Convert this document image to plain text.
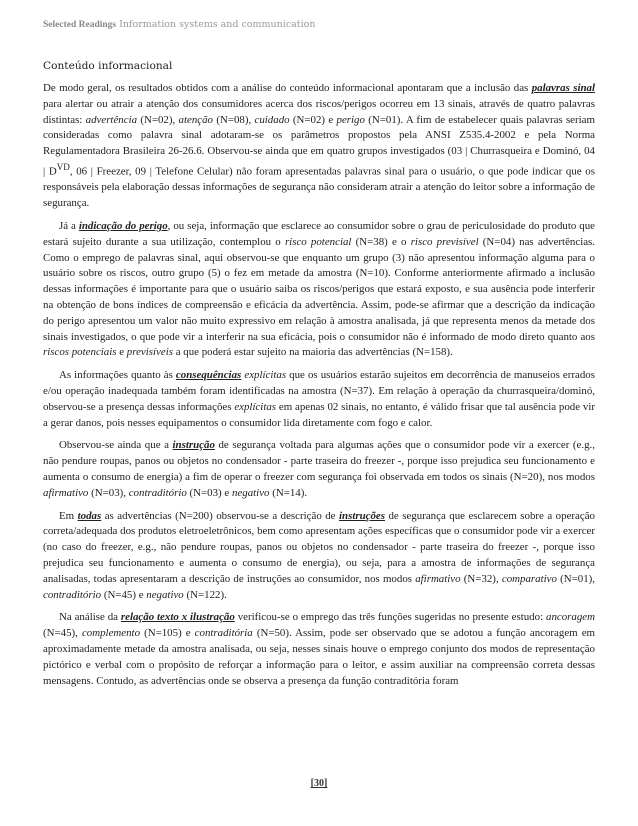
Selected Readings Information systems and communication
Conteúdo informacional

De modo geral, os resultados obtidos com a análise do conteúdo informacional apontaram que a inclusão das palavras sinal para alertar ou atrair a atenção dos consumidores acerca dos riscos/perigos ocorreu em 13 sinais, através de quatro palavras distintas: advertência (N=02), atenção (N=08), cuidado (N=02) e perigo (N=01). A fim de estabelecer quais palavras seriam consideradas como palavra sinal adotaram-se os parâmetros propostos pela ANSI Z535.4-2002 e pela Norma Regulamentadora Brasileira 26-26.6. Observou-se ainda que em quatro grupos investigados (03 | Churrasqueira e Dominó, 04 | $D^{VD}$, 06 | Freezer, 09 | Telefone Celular) não foram apresentadas palavras sinal para o usuário, o que pode indicar que os responsáveis pela elaboração dessas informações de segurança não consideram atrair a atenção do leitor sobre a informação de segurança.

Já a indicação do perigo, ou seja, informação que esclarece ao consumidor sobre o grau de periculosidade do produto que estará sujeito durante a sua utilização, contemplou o risco potencial (N=38) e o risco previsível (N=04) nas advertências. Como o emprego de palavras sinal, aqui observou-se que enquanto um grupo (3) não apresentou informação alguma para o usuário sobre os riscos, outro grupo (5) o fez em metade da amostra (N=10). Conforme anteriormente afirmado a inclusão dessas informações é importante para que o usuário saiba os riscos/perigos que estará exposto, e sua ausência pode interferir na obtenção de bons índices de compreensão e eficácia da advertência. Assim, pode-se afirmar que a descrição da indicação do perigo apresentou um valor não muito expressivo em relação à amostra analisada, já que representa menos da metade dos sinais investigados, o que pode vir a interferir na sua eficácia, pois o consumidor não é informado de modo direto quanto aos riscos potenciais e previsíveis a que poderá estar sujeito na maioria das advertências (N=158).

As informações quanto às consequências explícitas que os usuários estarão sujeitos em decorrência de manuseios errados e/ou operação inadequada também foram identificadas na amostra (N=37). Em relação à operação da churrasqueira/dominó, observou-se a presença dessas informações explícitas em apenas 02 sinais, no entanto, é válido frisar que tal ausência pode vir a gerar danos, pois nesses equipamentos o consumidor lida diretamente com fogo e calor.

Observou-se ainda que a instrução de segurança voltada para algumas ações que o consumidor pode vir a exercer (e.g., não pendure roupas, panos ou objetos no condensador - parte traseira do freezer -, porque isso prejudica seu funcionamento e aumenta o consumo de energia) a fim de operar o freezer com segurança foi observada em todos os sinais (N=20), nos modos afirmativo (N=03), contraditório (N=03) e negativo (N=14).

Em todas as advertências (N=200) observou-se a descrição de instruções de segurança que esclarecem sobre a operação correta/adequada dos produtos eletroeletrônicos, bem como apresentam ações específicas que o consumidor pode vir a exercer (no caso do freezer, e.g., não pendure roupas, panos ou objetos no condensador - parte traseira do freezer -, porque isso prejudica seu funcionamento e aumenta o consumo de energia), ou seja, para a amostra de informações de segurança analisadas, todas apresentaram a descrição de instruções ao consumidor, nos modos afirmativo (N=32), comparativo (N=01), contraditório (N=45) e negativo (N=122).

Na análise da relação texto x ilustração verificou-se o emprego das três funções sugeridas no presente estudo: ancoragem (N=45), complemento (N=105) e contraditória (N=50). Assim, pode ser observado que se adotou a função ancoragem em aproximadamente metade da amostra analisada, ou seja, nesses sinais houve o emprego conjunto dos modos de representação pictórico e verbal com o propósito de reforçar a informação para o leitor, e assim auxiliar na compreensão correta dessas mensagens. Contudo, as advertências onde se observa a presença da função contraditória foram

[30]
